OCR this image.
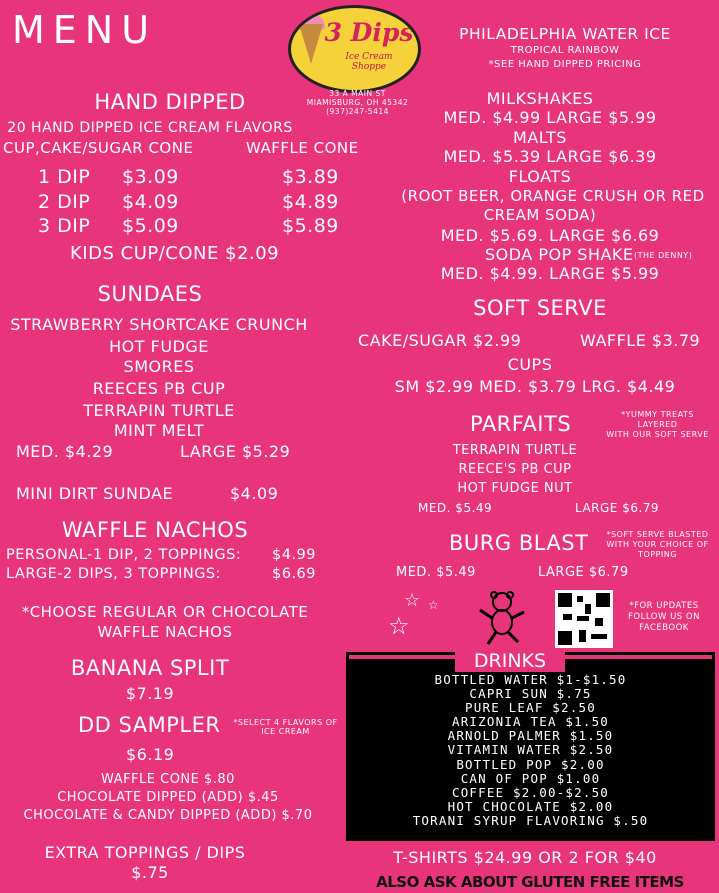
MENU	3 Dips
Ice Cream
Shoppe
33 A MAIN ST
MIAMISBURG, OH 45342
(937)247-5414
HAND DIPPED
20 HAND DIPPED ICE CREAM FLAVORS
CUP,CAKE/SUGAR CONE	WAFFLE CONE
1 DIP $3.09	$3.89
2 DIP $4.09	$4.89
3 DIP $5.09	$5.89
KIDS CUP/CONE $2.09
SUNDAES
STRAWBERRY SHORTCAKE CRUNCH
HOT FUDGE
SMORES
REECES PB CUP
TERRAPIN TURTLE
MINT MELT
MED. $4.29	LARGE $5.29
MINI DIRT SUNDAE	$4.09
WAFFLE NACHOS
PERSONAL-1 DIP, 2 TOPPINGS: $4.99
LARGE-2 DIPS, 3 TOPPINGS:	$6.69
*CHOOSE REGULAR OR CHOCOLATE
WAFFLE NACHOS
BANANA SPLIT
$7.19
DD SAMPLER	*SELECT 4 FLAVORS OF
ICE CREAM
$6.19
WAFFLE CONE $.80
CHOCOLATE DIPPED (ADD) $.45
CHOCOLATE & CANDY DIPPED (ADD) $.70
EXTRA TOPPINGS / DIPS
$.75
PHILADELPHIA WATER ICE
TROPICAL RAINBOW
*SEE HAND DIPPED PRICING
MILKSHAKES
MED. $4.99 LARGE $5.99
MALTS
MED. $5.39 LARGE $6.39
FLOATS
(ROOT BEER, ORANGE CRUSH OR RED
CREAM SODA)
MED. $5.69. LARGE $6.69
SODA POP SHAKE (THE DENNY)
MED. $4.99. LARGE $5.99
SOFT SERVE
CAKE/SUGAR $2.99	WAFFLE $3.79
CUPS
SM $2.99 MED. $3.79 LRG. $4.49
PARFAITS	*YUMMY TREATS
LAYERED
WITH OUR SOFT SERVE
TERRAPIN TURTLE
REECE'S PB CUP
HOT FUDGE NUT
MED. $5.49	LARGE $6.79
BURG BLAST	*SOFT SERVE BLASTED
WITH YOUR CHOICE OF
TOPPING
MED. $5.49	LARGE $6.79
☆ ☆
☆
*FOR UPDATES
FOLLOW US ON
FACEBOOK
DRINKS
BOTTLED WATER $1-$1.50
CAPRI SUN $.75
PURE LEAF $2.50
ARIZONIA TEA $1.50
ARNOLD PALMER $1.50
VITAMIN WATER $2.50
BOTTLED POP $2.00
CAN OF POP $1.00
COFFEE $2.00-$2.50
HOT CHOCOLATE $2.00
TORANI SYRUP FLAVORING $.50
T-SHIRTS $24.99 OR 2 FOR $40
ALSO ASK ABOUT GLUTEN FREE ITEMS
